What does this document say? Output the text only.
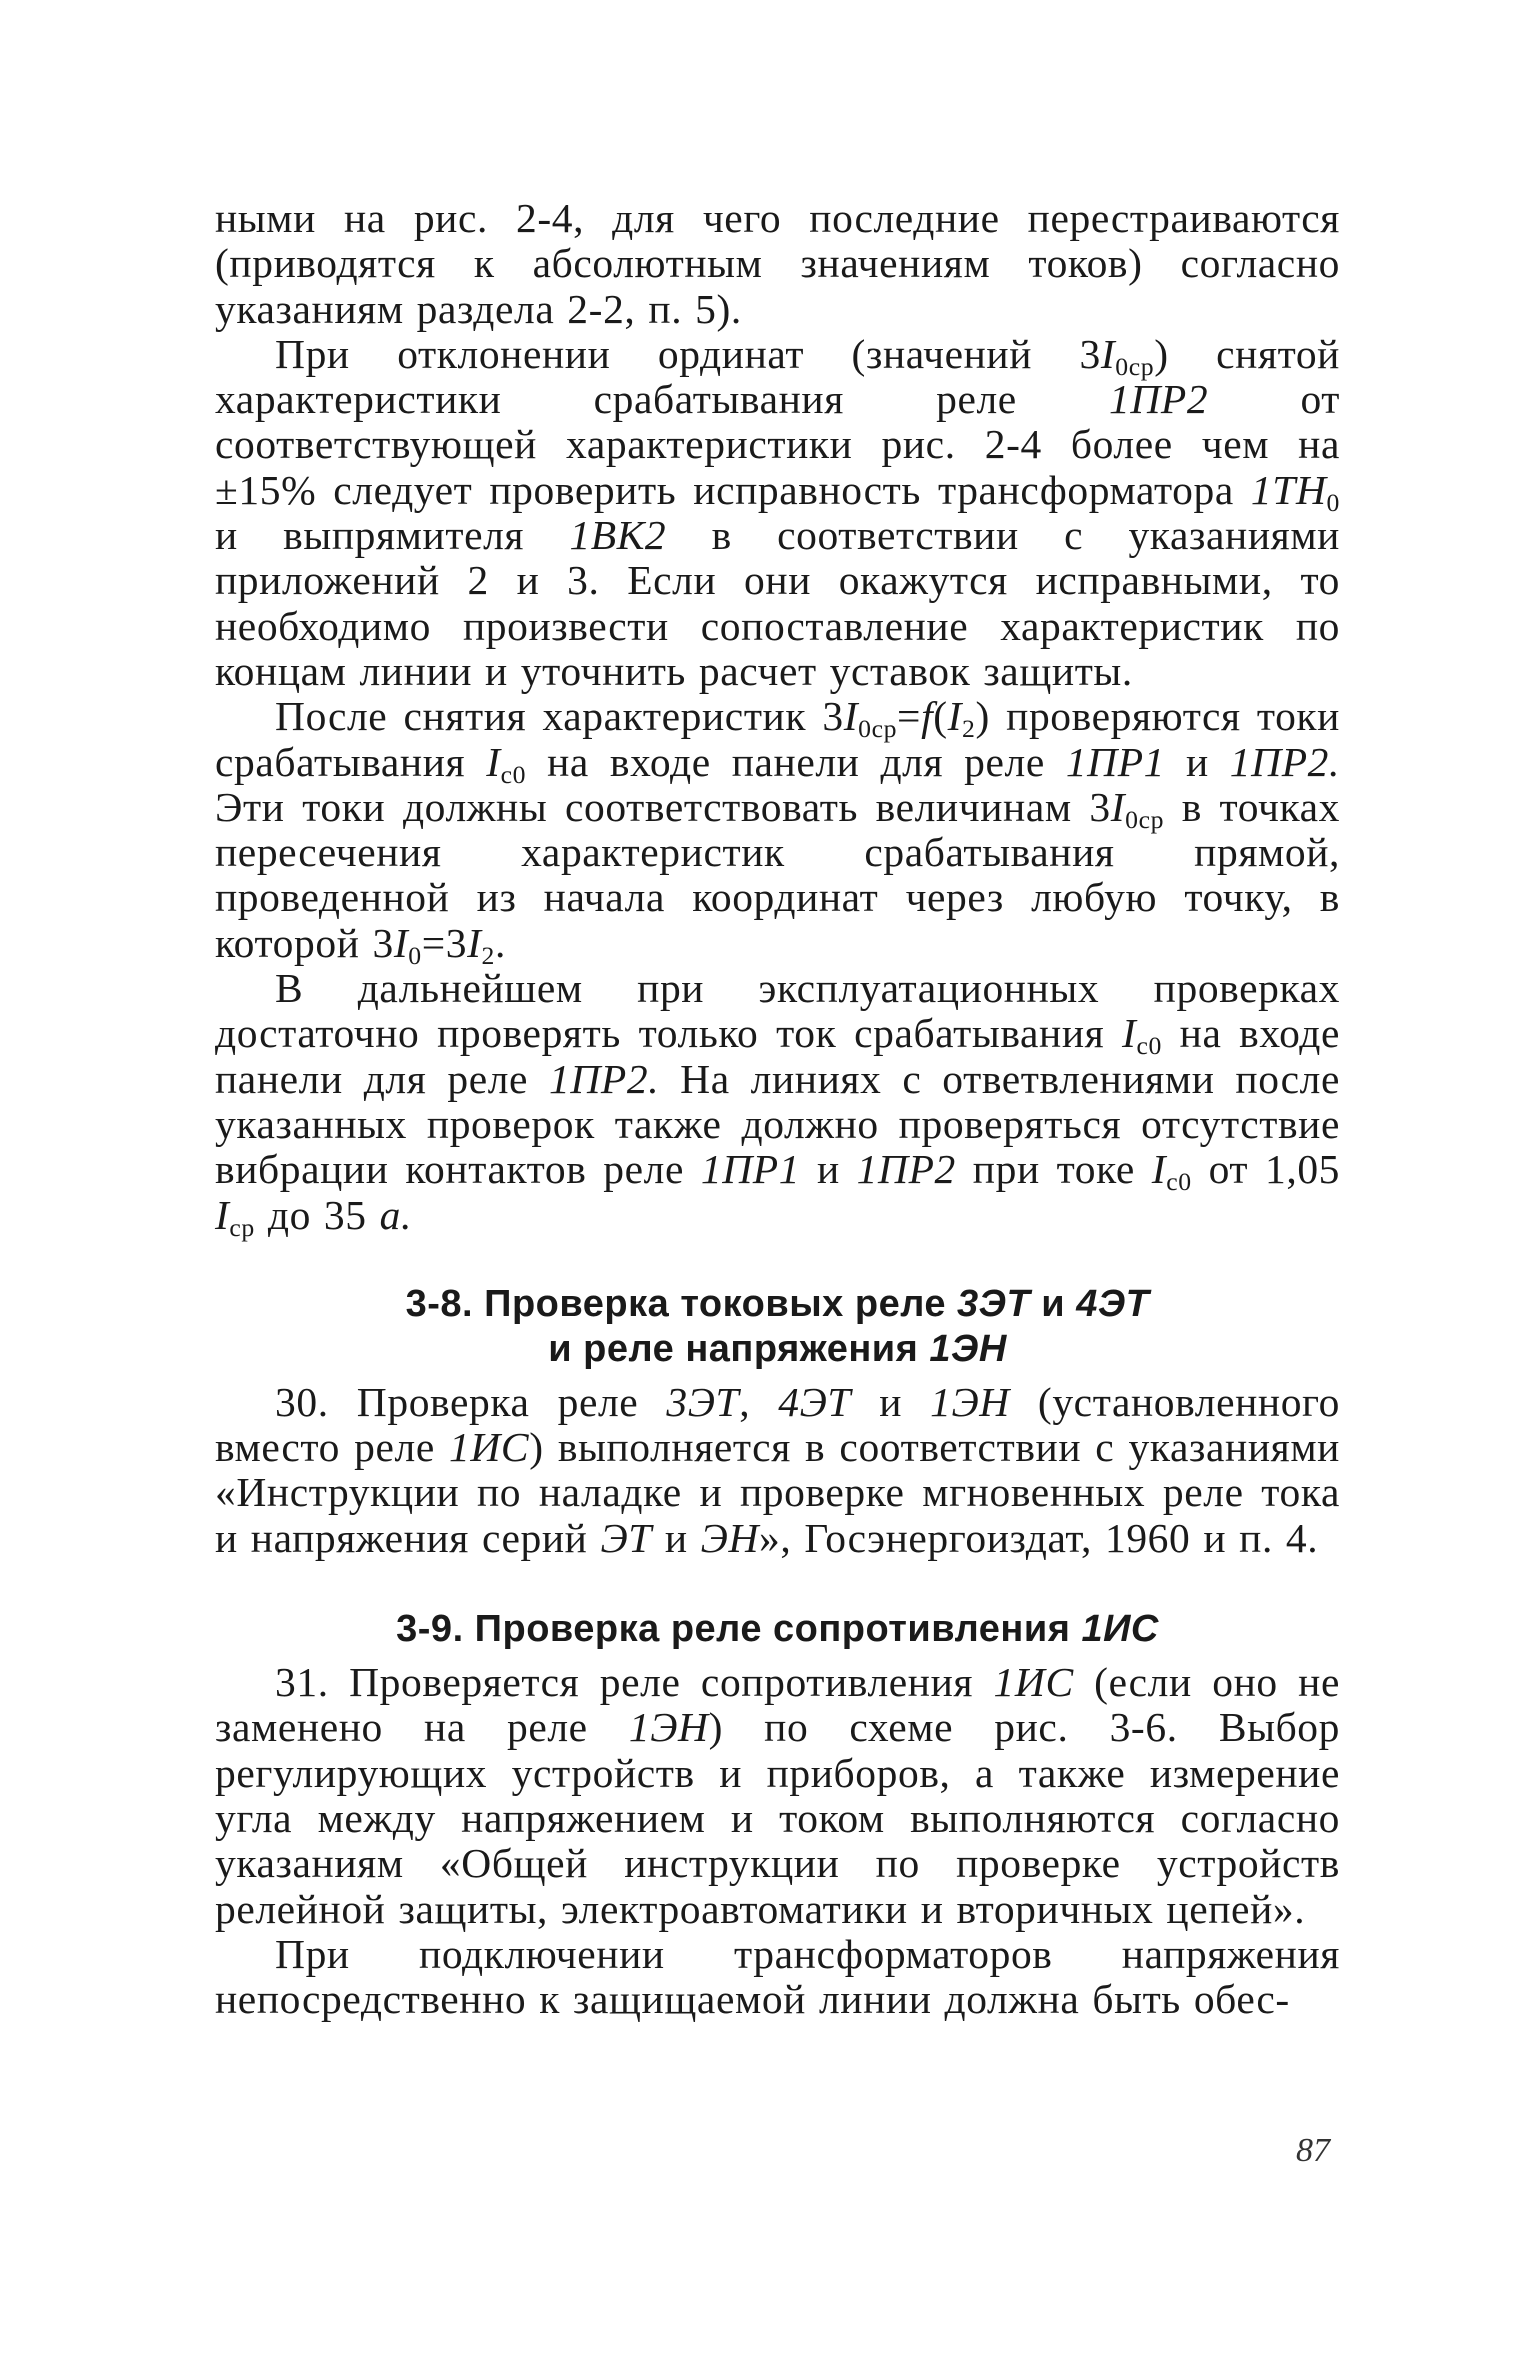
ными на рис. 2-4, для чего последние перестраиваются (приводятся к абсолютным значениям токов) согласно указаниям раздела 2-2, п. 5).

При отклонении ординат (значений $3I_{0ср}$) снятой характеристики срабатывания реле 1ПР2 от соответствующей характеристики рис. 2-4 более чем на ±15% следует проверить исправность трансформатора $1ТН_0$ и выпрямителя 1ВК2 в соответствии с указаниями приложений 2 и 3. Если они окажутся исправными, то необходимо произвести сопоставление характеристик по концам линии и уточнить расчет уставок защиты.

После снятия характеристик $3I_{0ср}=f(I_2)$ проверяются токи срабатывания $I_{с0}$ на входе панели для реле 1ПР1 и 1ПР2. Эти токи должны соответствовать величинам $3I_{0ср}$ в точках пересечения характеристик срабатывания прямой, проведенной из начала координат через любую точку, в которой $3I_0=3I_2$.

В дальнейшем при эксплуатационных проверках достаточно проверять только ток срабатывания $I_{с0}$ на входе панели для реле 1ПР2. На линиях с ответвлениями после указанных проверок также должно проверяться отсутствие вибрации контактов реле 1ПР1 и 1ПР2 при токе $I_{с0}$ от 1,05 $I_{ср}$ до 35 а.

3-8. Проверка токовых реле 3ЭТ и 4ЭТ
и реле напряжения 1ЭН

30. Проверка реле 3ЭТ, 4ЭТ и 1ЭН (установленного вместо реле 1ИС) выполняется в соответствии с указаниями «Инструкции по наладке и проверке мгновенных реле тока и напряжения серий ЭТ и ЭН», Госэнергоиздат, 1960 и п. 4.

3-9. Проверка реле сопротивления 1ИС

31. Проверяется реле сопротивления 1ИС (если оно не заменено на реле 1ЭН) по схеме рис. 3-6. Выбор регулирующих устройств и приборов, а также измерение угла между напряжением и током выполняются согласно указаниям «Общей инструкции по проверке устройств релейной защиты, электроавтоматики и вторичных цепей».

При подключении трансформаторов напряжения непосредственно к защищаемой линии должна быть обес-

87
